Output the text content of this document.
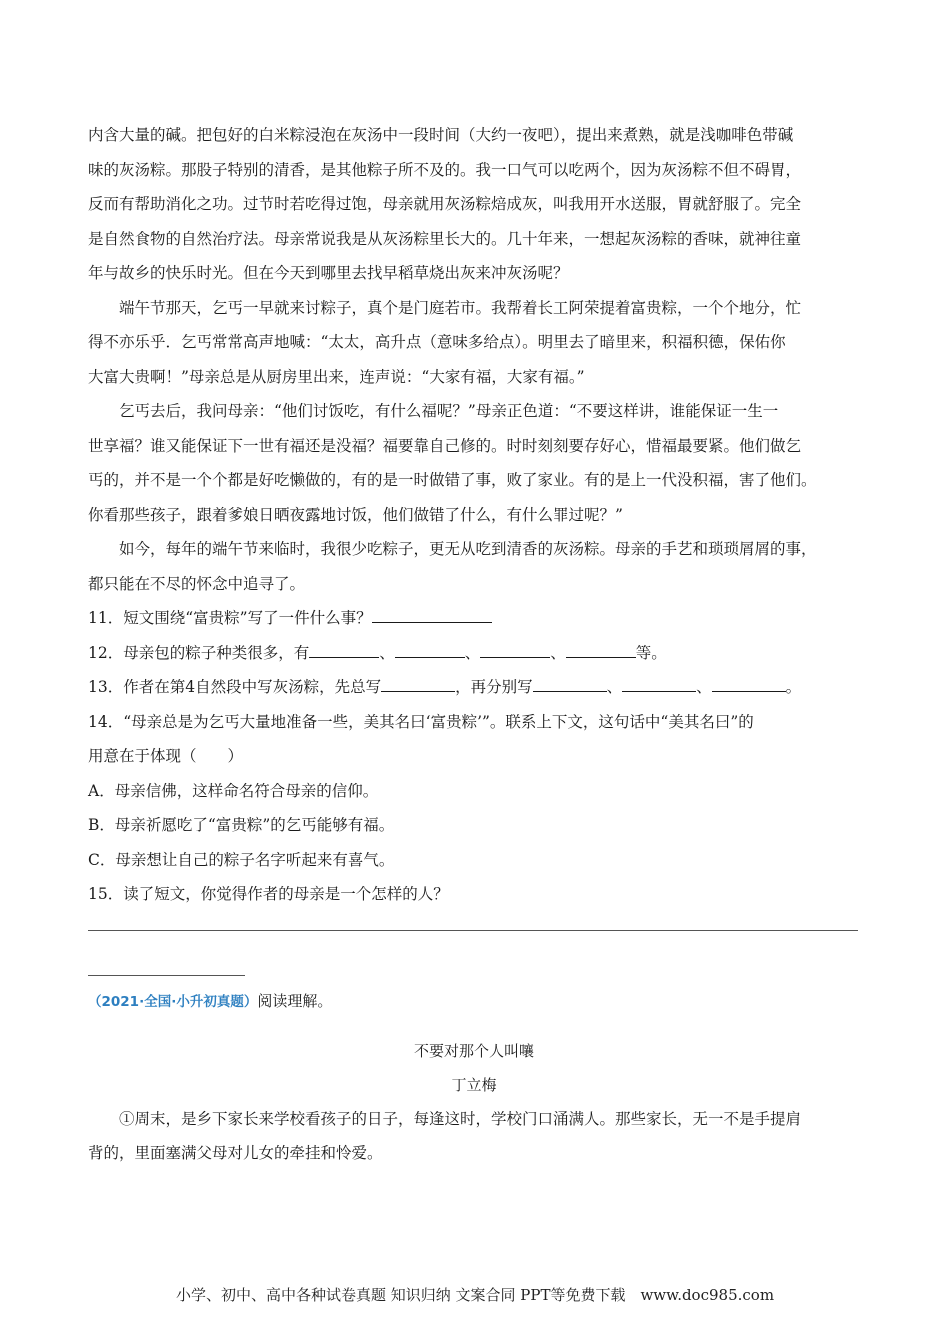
内含大量的碱。把包好的白米粽浸泡在灰汤中一段时间（大约一夜吧），提出来煮熟，就是浅咖啡色带碱

味的灰汤粽。那股子特别的清香，是其他粽子所不及的。我一口气可以吃两个，因为灰汤粽不但不碍胃，

反而有帮助消化之功。过节时若吃得过饱，母亲就用灰汤粽焙成灰，叫我用开水送服，胃就舒服了。完全

是自然食物的自然治疗法。母亲常说我是从灰汤粽里长大的。几十年来，一想起灰汤粽的香味，就神往童

年与故乡的快乐时光。但在今天到哪里去找早稻草烧出灰来冲灰汤呢？

端午节那天，乞丐一早就来讨粽子，真个是门庭若市。我帮着长工阿荣提着富贵粽，一个个地分，忙

得不亦乐乎．乞丐常常高声地喊：“太太，高升点（意味多给点）。明里去了暗里来，积福积德，保佑你

大富大贵啊！”母亲总是从厨房里出来，连声说：“大家有福，大家有福。”

乞丐去后，我问母亲：“他们讨饭吃，有什么福呢？”母亲正色道：“不要这样讲，谁能保证一生一

世享福？谁又能保证下一世有福还是没福？福要靠自己修的。时时刻刻要存好心，惜福最要紧。他们做乞

丐的，并不是一个个都是好吃懒做的，有的是一时做错了事，败了家业。有的是上一代没积福，害了他们。

你看那些孩子，跟着爹娘日晒夜露地讨饭，他们做错了什么，有什么罪过呢？”

如今，每年的端午节来临时，我很少吃粽子，更无从吃到清香的灰汤粽。母亲的手艺和琐琐屑屑的事，

都只能在不尽的怀念中追寻了。

11．短文围绕“富贵粽”写了一件什么事？

12．母亲包的粽子种类很多，有	、	、	、	等。

13．作者在第4自然段中写灰汤粽，先总写	，再分别写	、	、	。

14．“母亲总是为乞丐大量地准备一些，美其名曰‘富贵粽’”。联系上下文，这句话中“美其名曰”的

用意在于体现（　　）

A．母亲信佛，这样命名符合母亲的信仰。

B．母亲祈愿吃了“富贵粽”的乞丐能够有福。

C．母亲想让自己的粽子名字听起来有喜气。

15．读了短文，你觉得作者的母亲是一个怎样的人？

（2021·全国·小升初真题）阅读理解。

不要对那个人叫嚷

丁立梅

①周末，是乡下家长来学校看孩子的日子，每逢这时，学校门口涌满人。那些家长，无一不是手提肩

背的，里面塞满父母对儿女的牵挂和怜爱。

小学、初中、高中各种试卷真题 知识归纳 文案合同 PPT等免费下载　www.doc985.com
